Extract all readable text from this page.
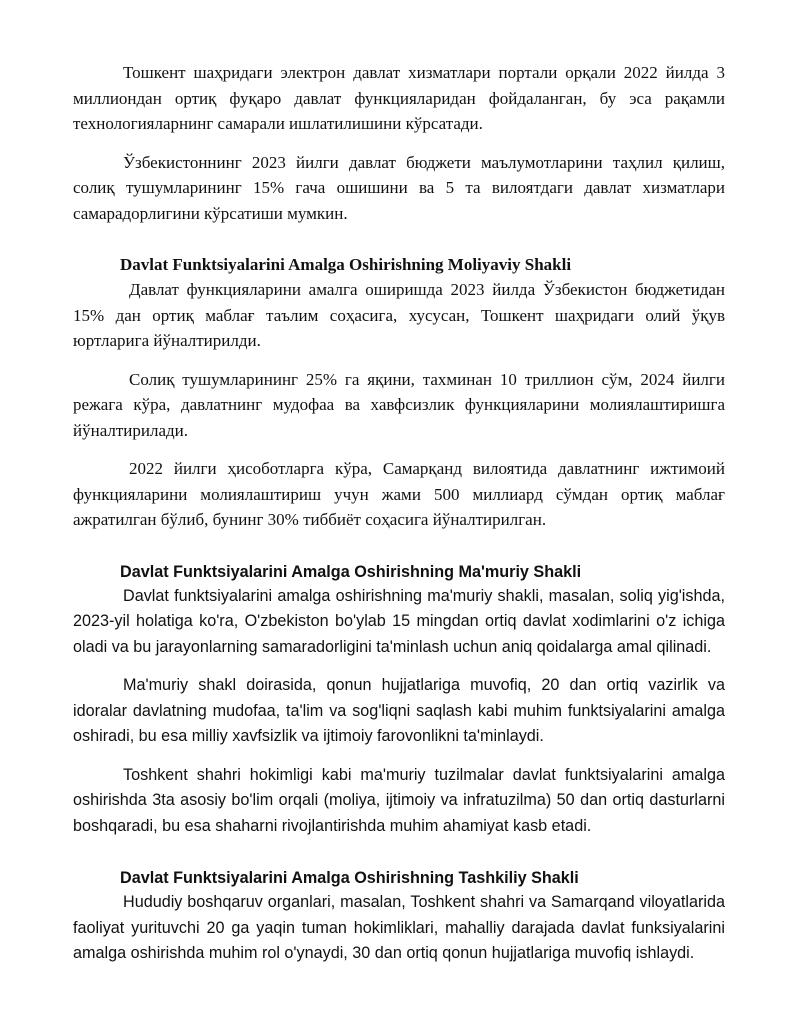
Тошкент шаҳридаги электрон давлат хизматлари портали орқали 2022 йилда 3 миллиондан ортиқ фуқаро давлат функцияларидан фойдаланган, бу эса рақамли технологияларнинг самарали ишлатилишини кўрсатади.

Ўзбекистоннинг 2023 йилги давлат бюджети маълумотларини таҳлил қилиш, солиқ тушумларининг 15% гача ошишини ва 5 та вилоятдаги давлат хизматлари самарадорлигини кўрсатиши мумкин.

Davlat Funktsiyalarini Amalga Oshirishning Moliyaviy Shakli

Давлат функцияларини амалга оширишда 2023 йилда Ўзбекистон бюджетидан 15% дан ортиқ маблағ таълим соҳасига, хусусан, Тошкент шаҳридаги олий ўқув юртларига йўналтирилди.

Солиқ тушумларининг 25% га яқини, тахминан 10 триллион сўм, 2024 йилги режага кўра, давлатнинг мудофаа ва хавфсизлик функцияларини молиялаштиришга йўналтирилади.

2022 йилги ҳисоботларга кўра, Самарқанд вилоятида давлатнинг ижтимоий функцияларини молиялаштириш учун жами 500 миллиард сўмдан ортиқ маблағ ажратилган бўлиб, бунинг 30% тиббиёт соҳасига йўналтирилган.

Davlat Funktsiyalarini Amalga Oshirishning Ma'muriy Shakli

Davlat funktsiyalarini amalga oshirishning ma'muriy shakli, masalan, soliq yig'ishda, 2023-yil holatiga ko'ra, O'zbekiston bo'ylab 15 mingdan ortiq davlat xodimlarini o'z ichiga oladi va bu jarayonlarning samaradorligini ta'minlash uchun aniq qoidalarga amal qilinadi.

Ma'muriy shakl doirasida, qonun hujjatlariga muvofiq, 20 dan ortiq vazirlik va idoralar davlatning mudofaa, ta'lim va sog'liqni saqlash kabi muhim funktsiyalarini amalga oshiradi, bu esa milliy xavfsizlik va ijtimoiy farovonlikni ta'minlaydi.

Toshkent shahri hokimligi kabi ma'muriy tuzilmalar davlat funktsiyalarini amalga oshirishda 3ta asosiy bo'lim orqali (moliya, ijtimoiy va infratuzilma) 50 dan ortiq dasturlarni boshqaradi, bu esa shaharni rivojlantirishda muhim ahamiyat kasb etadi.

Davlat Funktsiyalarini Amalga Oshirishning Tashkiliy Shakli

Hududiy boshqaruv organlari, masalan, Toshkent shahri va Samarqand viloyatlarida faoliyat yurituvchi 20 ga yaqin tuman hokimliklari, mahalliy darajada davlat funksiyalarini amalga oshirishda muhim rol o'ynaydi, 30 dan ortiq qonun hujjatlariga muvofiq ishlaydi.
